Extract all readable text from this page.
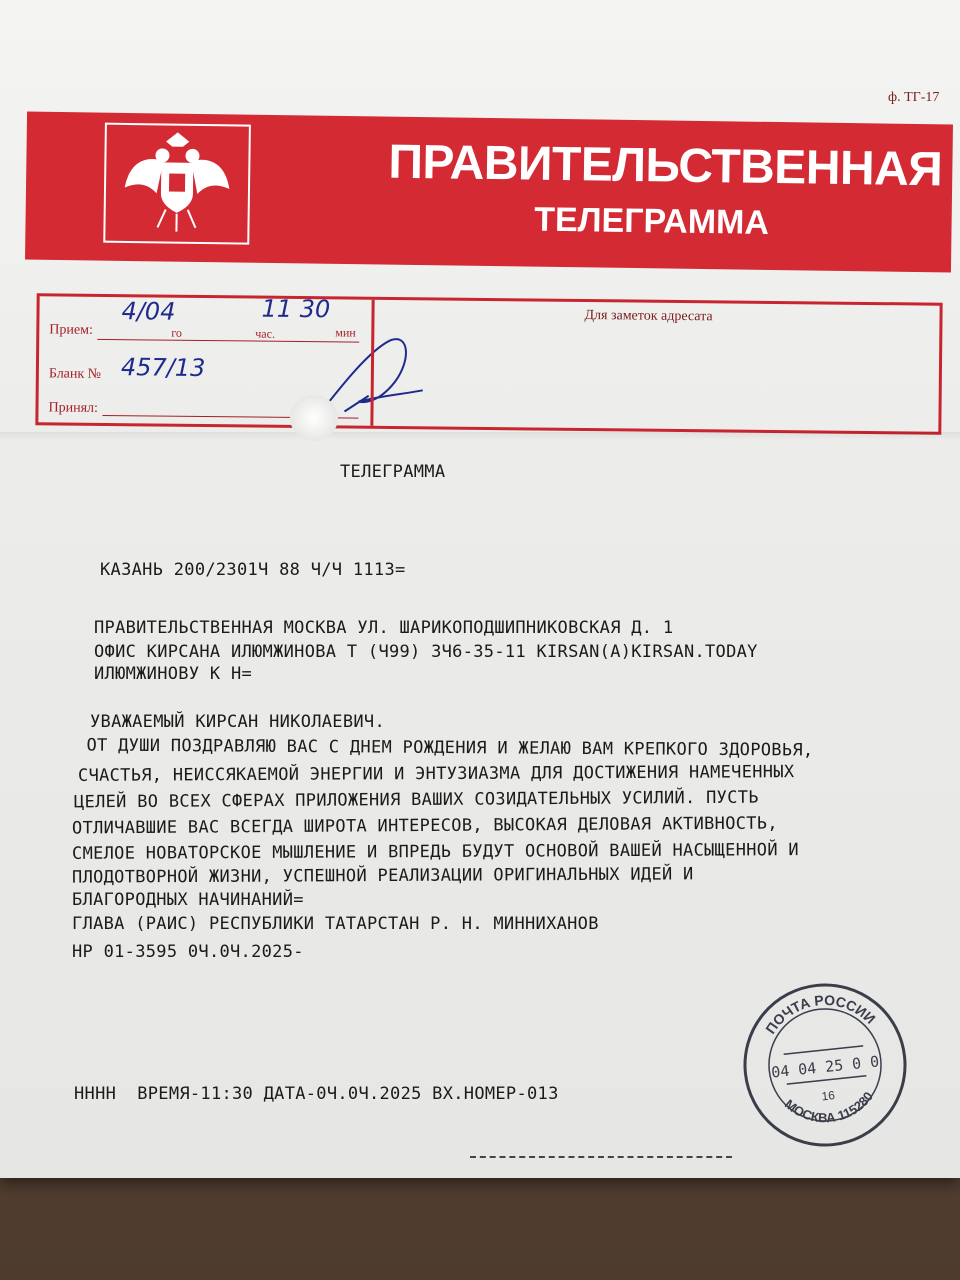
ф. ТГ-17
ПРАВИТЕЛЬСТВЕННАЯ
ТЕЛЕГРАММА
Прием:	го	час.	мин
4/04	11 30
Бланк № 457/13
Принял:
Для заметок адресата
ТЕЛЕГРАММА
КАЗАНЬ 200/2301Ч 88 Ч/Ч 1113=
ПРАВИТЕЛЬСТВЕННАЯ МОСКВА УЛ. ШАРИКОПОДШИПНИКОВСКАЯ Д. 1
ОФИС КИРСАНА ИЛЮМЖИНОВА Т (Ч99) 3Ч6-35-11 KIRSAN(A)KIRSAN.TODAY
ИЛЮМЖИНОВУ К Н=
УВАЖАЕМЫЙ КИРСАН НИКОЛАЕВИЧ.
ОТ ДУШИ ПОЗДРАВЛЯЮ ВАС С ДНЕМ РОЖДЕНИЯ И ЖЕЛАЮ ВАМ КРЕПКОГО ЗДОРОВЬЯ,
СЧАСТЬЯ, НЕИССЯКАЕМОЙ ЭНЕРГИИ И ЭНТУЗИАЗМА ДЛЯ ДОСТИЖЕНИЯ НАМЕЧЕННЫХ
ЦЕЛЕЙ ВО ВСЕХ СФЕРАХ ПРИЛОЖЕНИЯ ВАШИХ СОЗИДАТЕЛЬНЫХ УСИЛИЙ. ПУСТЬ
ОТЛИЧАВШИЕ ВАС ВСЕГДА ШИРОТА ИНТЕРЕСОВ, ВЫСОКАЯ ДЕЛОВАЯ АКТИВНОСТЬ,
СМЕЛОЕ НОВАТОРСКОЕ МЫШЛЕНИЕ И ВПРЕДЬ БУДУТ ОСНОВОЙ ВАШЕЙ НАСЫЩЕННОЙ И
ПЛОДОТВОРНОЙ ЖИЗНИ, УСПЕШНОЙ РЕАЛИЗАЦИИ ОРИГИНАЛЬНЫХ ИДЕЙ И
БЛАГОРОДНЫХ НАЧИНАНИЙ=
ГЛАВА (РАИС) РЕСПУБЛИКИ ТАТАРСТАН Р. Н. МИННИХАНОВ
НР 01-3595 0Ч.0Ч.2025-
НННН  ВРЕМЯ-11:30 ДАТА-0Ч.0Ч.2025 ВХ.НОМЕР-013
ПОЧТА РОССИИ
04 04 25 0 0
16
МОСКВА 115280
